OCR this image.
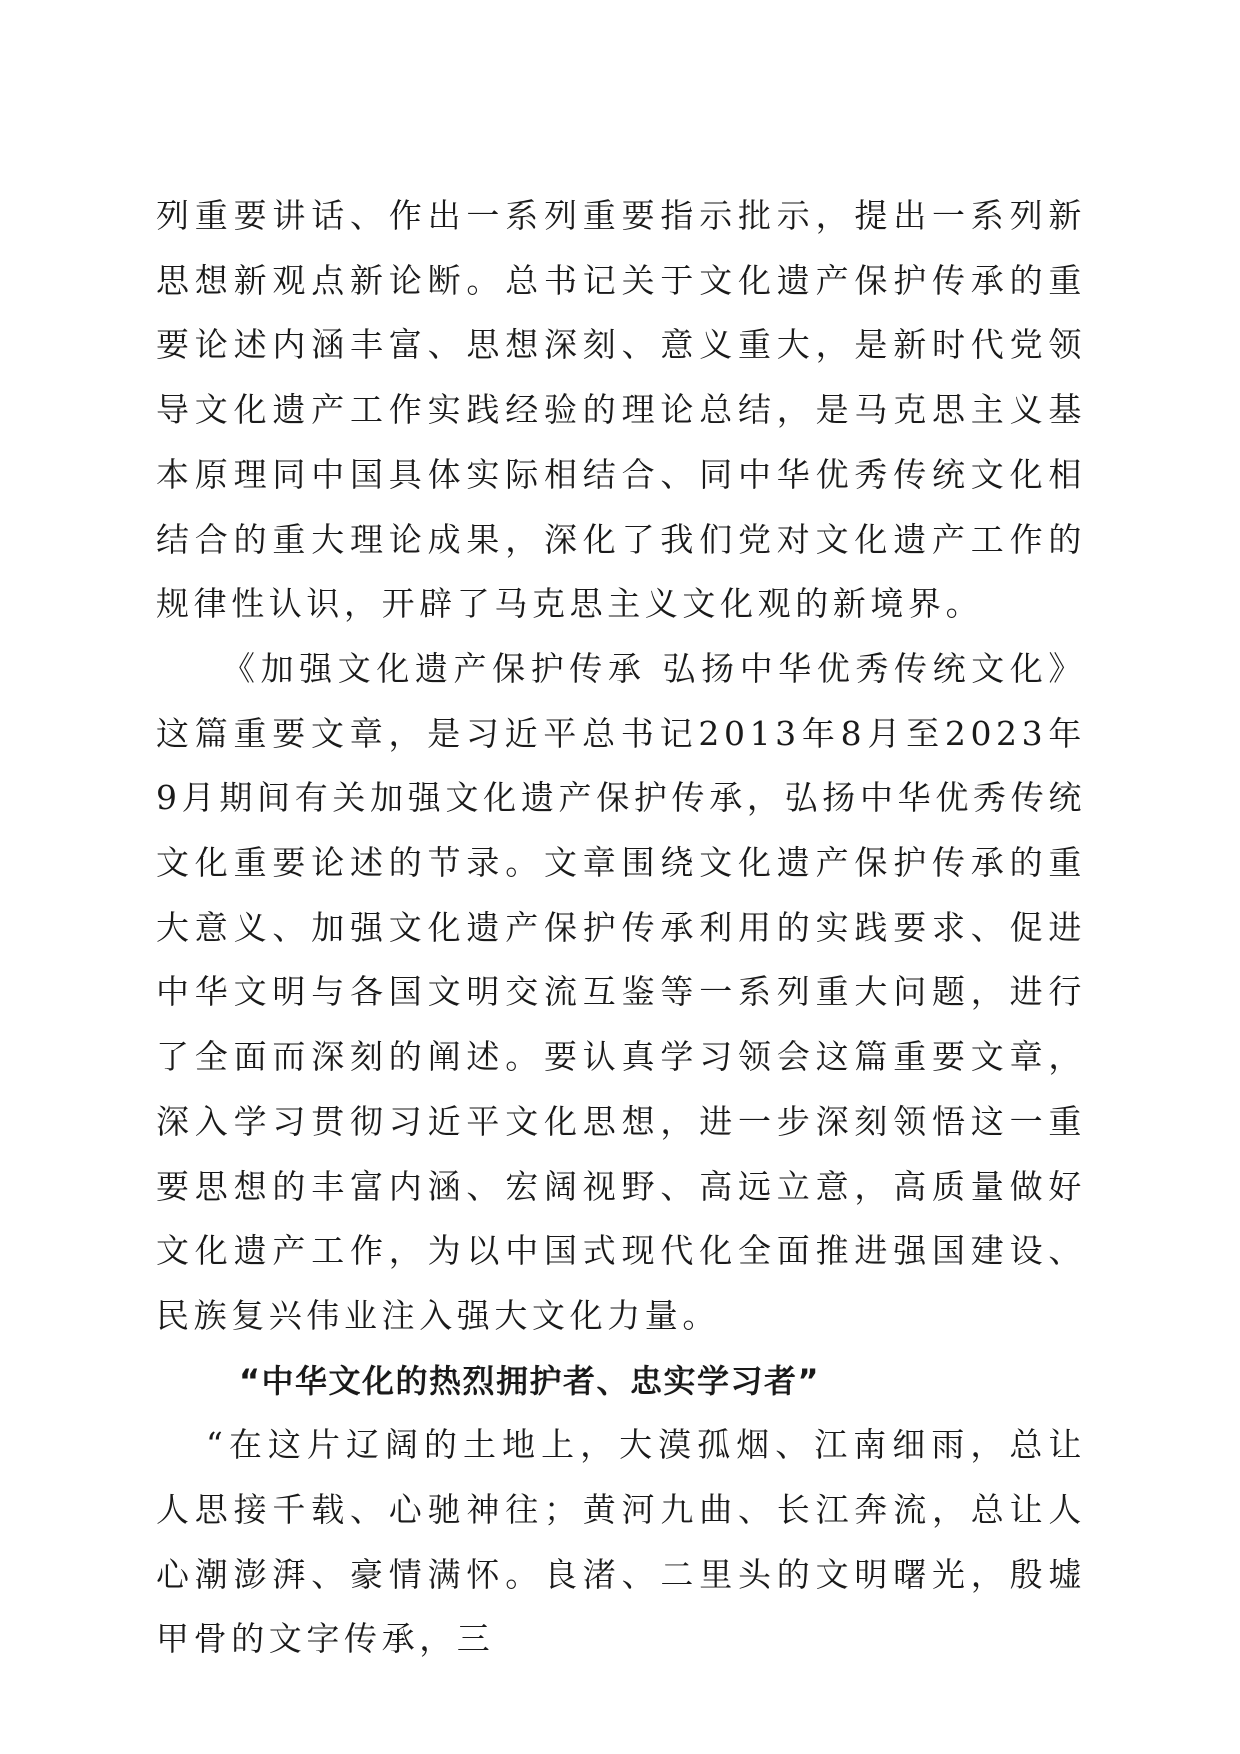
列重要讲话、作出一系列重要指示批示，提出一系列新思想新观点新论断。总书记关于文化遗产保护传承的重要论述内涵丰富、思想深刻、意义重大，是新时代党领导文化遗产工作实践经验的理论总结，是马克思主义基本原理同中国具体实际相结合、同中华优秀传统文化相结合的重大理论成果，深化了我们党对文化遗产工作的规律性认识，开辟了马克思主义文化观的新境界。

《加强文化遗产保护传承 弘扬中华优秀传统文化》这篇重要文章，是习近平总书记2013年8月至2023年9月期间有关加强文化遗产保护传承，弘扬中华优秀传统文化重要论述的节录。文章围绕文化遗产保护传承的重大意义、加强文化遗产保护传承利用的实践要求、促进中华文明与各国文明交流互鉴等一系列重大问题，进行了全面而深刻的阐述。要认真学习领会这篇重要文章，深入学习贯彻习近平文化思想，进一步深刻领悟这一重要思想的丰富内涵、宏阔视野、高远立意，高质量做好文化遗产工作，为以中国式现代化全面推进强国建设、民族复兴伟业注入强大文化力量。

“中华文化的热烈拥护者、忠实学习者”

“在这片辽阔的土地上，大漠孤烟、江南细雨，总让人思接千载、心驰神往；黄河九曲、长江奔流，总让人心潮澎湃、豪情满怀。良渚、二里头的文明曙光，殷墟甲骨的文字传承，三
